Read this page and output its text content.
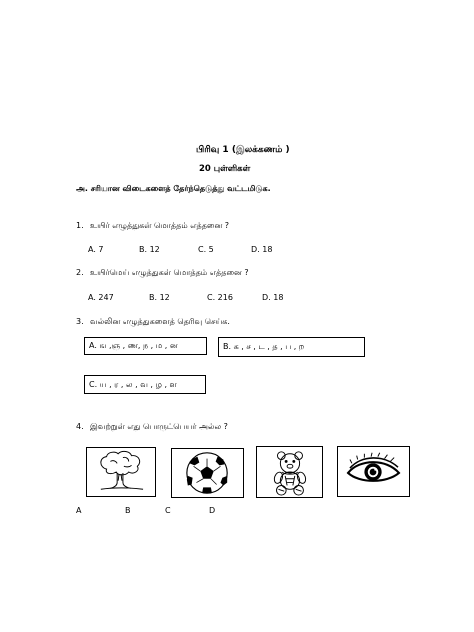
பிரிவு 1 (இலக்கணம் )
20 புள்ளிகள்
அ. சரியான விடைகளைத் தேர்ந்தெடுத்து வட்டமிடுக.
1. உயிர் எழுத்துகள் மொத்தம் எத்தனை ?
A. 7	B. 12	C. 5	D. 18
2. உயிர்மெய் எழுத்துகள் மொத்தம் எத்தனை ?
A. 247	B. 12	C. 216	D. 18
3. வல்லின எழுத்துகளைத் தெரிவு செய்க.
A. ங ,ஞ , ண, ந , ம , ன	B. க , ச , ட , த , ப , ற
C. ய , ர , ல , வ , ழ , ள
4. இவற்றுள் எது பொருட்பெயர் அல்ல ?
A	B	C	D
